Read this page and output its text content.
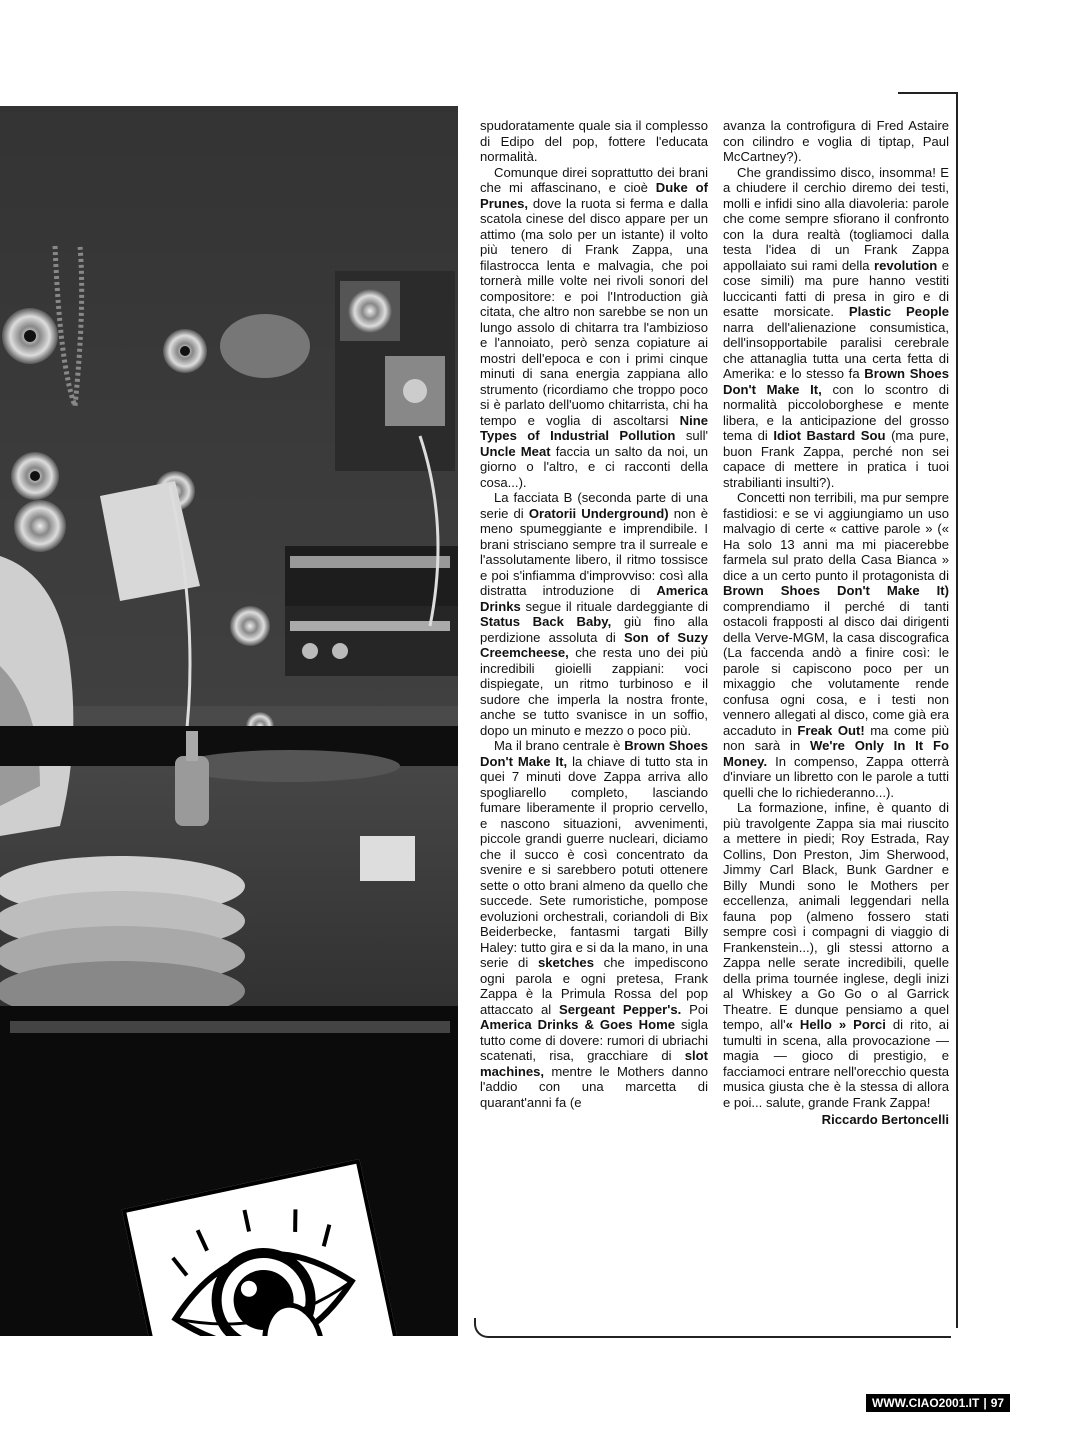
spudoratamente quale sia il complesso di Edipo del pop, fottere l'educata normalità.

Comunque direi soprattutto dei brani che mi affascinano, e cioè Duke of Prunes, dove la ruota si ferma e dalla scatola cinese del disco appare per un attimo (ma solo per un istante) il volto più tenero di Frank Zappa, una filastrocca lenta e malvagia, che poi tornerà mille volte nei rivoli sonori del compositore: e poi l'Introduction già citata, che altro non sarebbe se non un lungo assolo di chitarra tra l'ambizioso e l'annoiato, però senza copiature ai mostri dell'epoca e con i primi cinque minuti di sana energia zappiana allo strumento (ricordiamo che troppo poco si è parlato dell'uomo chitarrista, chi ha tempo e voglia di ascoltarsi Nine Types of Industrial Pollution sull' Uncle Meat faccia un salto da noi, un giorno o l'altro, e ci racconti della cosa...).

La facciata B (seconda parte di una serie di Oratorii Underground) non è meno spumeggiante e imprendibile. I brani strisciano sempre tra il surreale e l'assolutamente libero, il ritmo tossisce e poi s'infiamma d'improvviso: così alla distratta introduzione di America Drinks segue il rituale dardeggiante di Status Back Baby, giù fino alla perdizione assoluta di Son of Suzy Creemcheese, che resta uno dei più incredibili gioielli zappiani: voci dispiegate, un ritmo turbinoso e il sudore che imperla la nostra fronte, anche se tutto svanisce in un soffio, dopo un minuto e mezzo o poco più.

Ma il brano centrale è Brown Shoes Don't Make It, la chiave di tutto sta in quei 7 minuti dove Zappa arriva allo spogliarello completo, lasciando fumare liberamente il proprio cervello, e nascono situazioni, avvenimenti, piccole grandi guerre nucleari, diciamo che il succo è così concentrato da svenire e si sarebbero potuti ottenere sette o otto brani almeno da quello che succede. Sete rumoristiche, pompose evoluzioni orchestrali, coriandoli di Bix Beiderbecke, fantasmi targati Billy Haley: tutto gira e si da la mano, in una serie di sketches che impediscono ogni parola e ogni pretesa, Frank Zappa è la Primula Rossa del pop attaccato al Sergeant Pepper's. Poi America Drinks & Goes Home sigla tutto come di dovere: rumori di ubriachi scatenati, risa, gracchiare di slot machines, mentre le Mothers danno l'addio con una marcetta di quarant'anni fa (e

avanza la controfigura di Fred Astaire con cilindro e voglia di tiptap, Paul McCartney?).

Che grandissimo disco, insomma! E a chiudere il cerchio diremo dei testi, molli e infidi sino alla diavoleria: parole che come sempre sfiorano il confronto con la dura realtà (togliamoci dalla testa l'idea di un Frank Zappa appollaiato sui rami della revolution e cose simili) ma pure hanno vestiti luccicanti fatti di presa in giro e di esatte morsicate. Plastic People narra dell'alienazione consumistica, dell'insopportabile paralisi cerebrale che attanaglia tutta una certa fetta di Amerika: e lo stesso fa Brown Shoes Don't Make It, con lo scontro di normalità piccoloborghese e mente libera, e la anticipazione del grosso tema di Idiot Bastard Sou (ma pure, buon Frank Zappa, perché non sei capace di mettere in pratica i tuoi strabilianti insulti?).

Concetti non terribili, ma pur sempre fastidiosi: e se vi aggiungiamo un uso malvagio di certe « cattive parole » (« Ha solo 13 anni ma mi piacerebbe farmela sul prato della Casa Bianca » dice a un certo punto il protagonista di Brown Shoes Don't Make It) comprendiamo il perché di tanti ostacoli frapposti al disco dai dirigenti della Verve-MGM, la casa discografica (La faccenda andò a finire così: le parole si capiscono poco per un mixaggio che volutamente rende confusa ogni cosa, e i testi non vennero allegati al disco, come già era accaduto in Freak Out! ma come più non sarà in We're Only In It Fo Money. In compenso, Zappa otterrà d'inviare un libretto con le parole a tutti quelli che lo richiederanno...).

La formazione, infine, è quanto di più travolgente Zappa sia mai riuscito a mettere in piedi; Roy Estrada, Ray Collins, Don Preston, Jim Sherwood, Jimmy Carl Black, Bunk Gardner e Billy Mundi sono le Mothers per eccellenza, animali leggendari nella fauna pop (almeno fossero stati sempre così i compagni di viaggio di Frankenstein...), gli stessi attorno a Zappa nelle serate incredibili, quelle della prima tournée inglese, degli inizi al Whiskey a Go Go o al Garrick Theatre. E dunque pensiamo a quel tempo, all'« Hello » Porci di rito, ai tumulti in scena, alla provocazione — magia — gioco di prestigio, e facciamoci entrare nell'orecchio questa musica giusta che è la stessa di allora e poi... salute, grande Frank Zappa!

Riccardo Bertoncelli
WWW.CIAO2001.IT | 97
